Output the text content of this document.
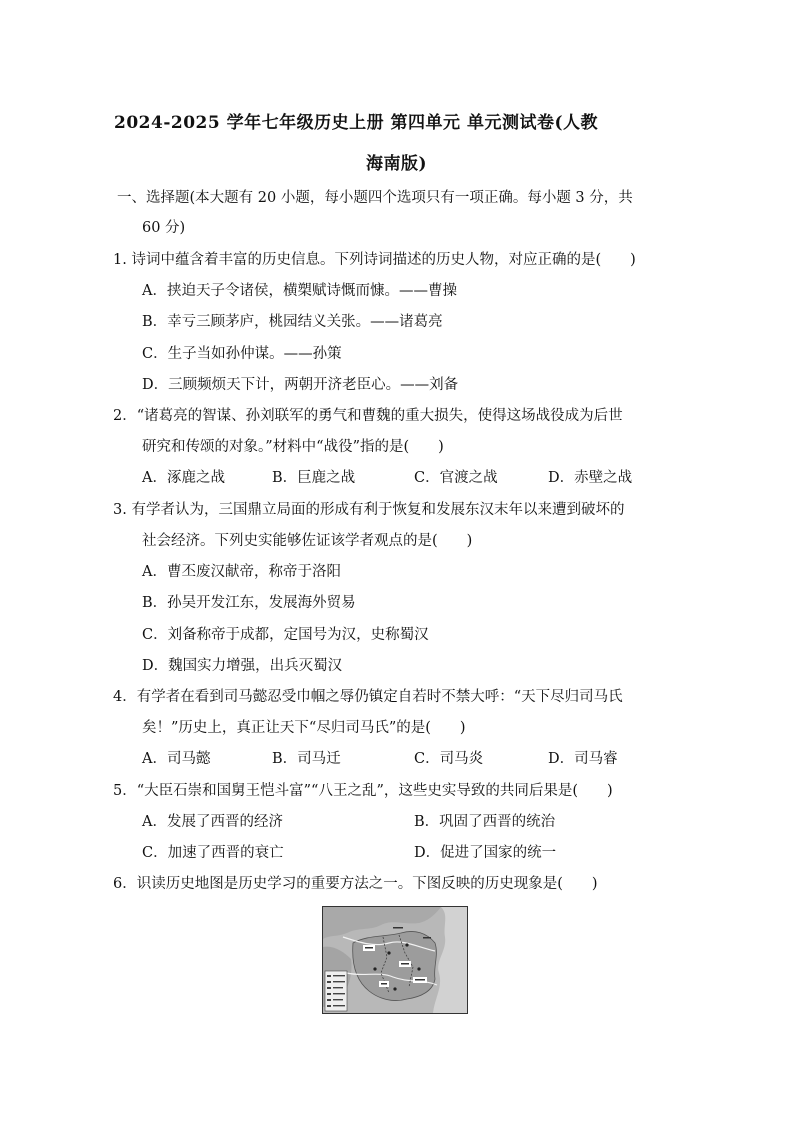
2024-2025 学年七年级历史上册 第四单元 单元测试卷(人教
海南版)
一、选择题(本大题有 20 小题，每小题四个选项只有一项正确。每小题 3 分，共
60 分)
1. 诗词中蕴含着丰富的历史信息。下列诗词描述的历史人物，对应正确的是(　　)
A．挟迫天子令诸侯，横槊赋诗慨而慷。——曹操
B．幸亏三顾茅庐，桃园结义关张。——诸葛亮
C．生子当如孙仲谋。——孙策
D．三顾频烦天下计，两朝开济老臣心。——刘备
2．“诸葛亮的智谋、孙刘联军的勇气和曹魏的重大损失，使得这场战役成为后世
研究和传颂的对象。”材料中“战役”指的是(　　)
A．涿鹿之战	B．巨鹿之战	C．官渡之战	D．赤壁之战
3. 有学者认为，三国鼎立局面的形成有利于恢复和发展东汉末年以来遭到破坏的
社会经济。下列史实能够佐证该学者观点的是(　　)
A．曹丕废汉献帝，称帝于洛阳
B．孙吴开发江东，发展海外贸易
C．刘备称帝于成都，定国号为汉，史称蜀汉
D．魏国实力增强，出兵灭蜀汉
4．有学者在看到司马懿忍受巾帼之辱仍镇定自若时不禁大呼：“天下尽归司马氏
矣！”历史上，真正让天下“尽归司马氏”的是(　　)
A．司马懿	B．司马迁	C．司马炎	D．司马睿
5．“大臣石崇和国舅王恺斗富”“八王之乱”，这些史实导致的共同后果是(　　)
A．发展了西晋的经济	B．巩固了西晋的统治
C．加速了西晋的衰亡	D．促进了国家的统一
6．识读历史地图是历史学习的重要方法之一。下图反映的历史现象是(　　)
